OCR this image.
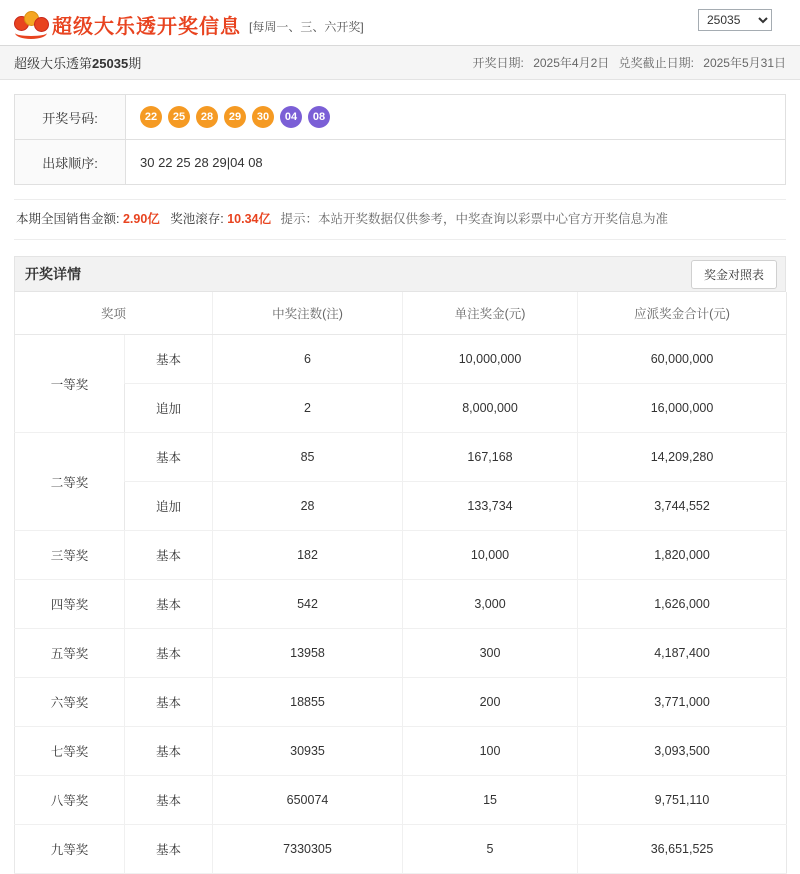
超级大乐透开奖信息 [每周一、三、六开奖]
25035
超级大乐透第25035期	开奖日期: 2025年4月2日 兑奖截止日期: 2025年5月31日
开奖号码:	22	25	28	29	30	04	08
出球顺序:	30 22 25 28 29|04 08
本期全国销售金额: 2.90亿 奖池滚存: 10.34亿 提示：本站开奖数据仅供参考，中奖查询以彩票中心官方开奖信息为准
开奖详情	奖金对照表
奖项		中奖注数(注)	单注奖金(元)	应派奖金合计(元)
一等奖	基本	6	10,000,000	60,000,000
	追加	2	8,000,000	16,000,000
二等奖	基本	85	167,168	14,209,280
	追加	28	133,734	3,744,552
三等奖	基本	182	10,000	1,820,000
四等奖	基本	542	3,000	1,626,000
五等奖	基本	13958	300	4,187,400
六等奖	基本	18855	200	3,771,000
七等奖	基本	30935	100	3,093,500
八等奖	基本	650074	15	9,751,110
九等奖	基本	7330305	5	36,651,525
